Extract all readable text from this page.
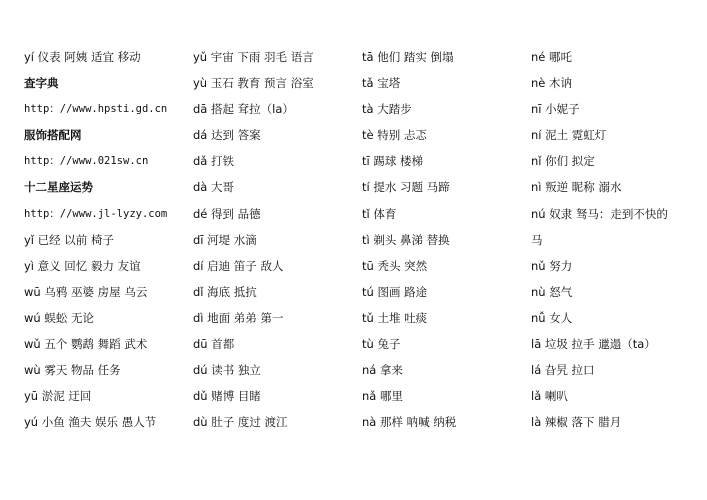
yí 仪表 阿姨 适宜 移动
查字典
http：//www.hpsti.gd.cn
服饰搭配网
http：//www.021sw.cn
十二星座运势
http：//www.jl-lyzy.com
yǐ 已经 以前 椅子
yì 意义 回忆 毅力 友谊
wū 乌鸦 巫婆 房屋 乌云
wú 蜈蚣 无论
wǔ 五个 鹦鹉 舞蹈 武术
wù 雾天 物品 任务
yū 淤泥 迂回
yú 小鱼 渔夫 娱乐 愚人节
yǔ 宇宙 下雨 羽毛 语言
yù 玉石 教育 预言 浴室
dā 搭起 耷拉（la）
dá 达到 答案
dǎ 打铁
dà 大哥
dé 得到 品德
dī 河堤 水滴
dí 启迪 笛子 敌人
dǐ 海底 抵抗
dì 地面 弟弟 第一
dū 首都
dú 读书 独立
dǔ 赌博 目睹
dù 肚子 度过 渡江
tā 他们 踏实 倒塌
tǎ 宝塔
tà 大踏步
tè 特别 忐忑
tī 踢球 楼梯
tí 提水 习题 马蹄
tǐ 体育
tì 剃头 鼻涕 替换
tū 秃头 突然
tú 图画 路途
tǔ 土堆 吐痰
tù 兔子
ná 拿来
nǎ 哪里
nà 那样 呐喊 纳税
né 哪吒
nè 木讷
nī 小妮子
ní 泥土 霓虹灯
nǐ 你们 拟定
nì 叛逆 昵称 溺水
nú 奴隶 驽马：走到不快的
马
nǔ 努力
nù 怒气
nǚ 女人
lā 垃圾 拉手 邋遢（ta）
lá 旮旯 拉口
lǎ 喇叭
là 辣椒 落下 腊月
